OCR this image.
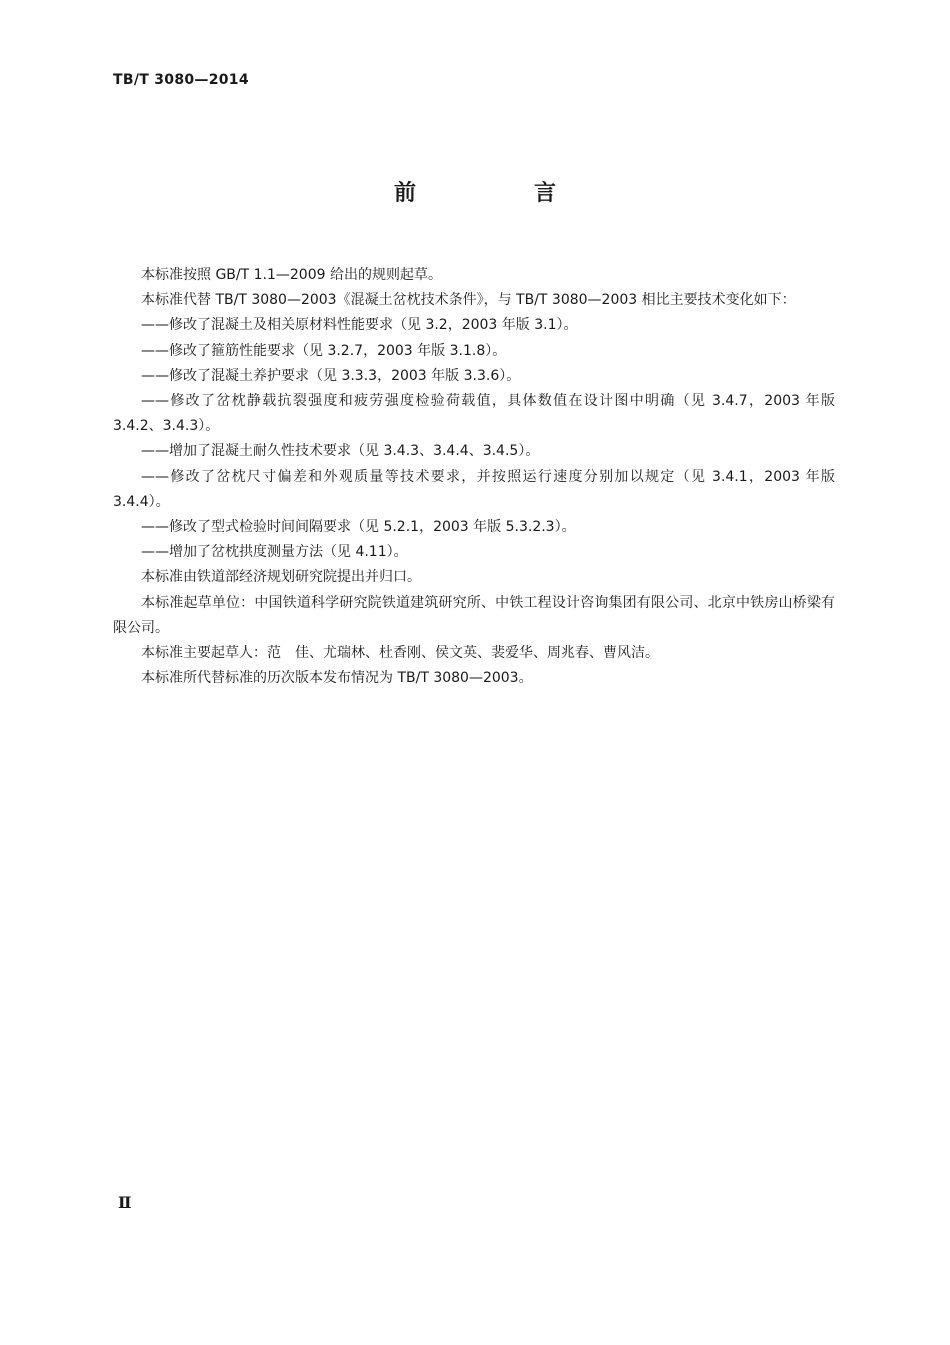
TB/T 3080—2014
前　言

本标准按照 GB/T 1.1—2009 给出的规则起草。

本标准代替 TB/T 3080—2003《混凝土岔枕技术条件》，与 TB/T 3080—2003 相比主要技术变化如下：

——修改了混凝土及相关原材料性能要求（见 3.2，2003 年版 3.1）。

——修改了箍筋性能要求（见 3.2.7，2003 年版 3.1.8）。

——修改了混凝土养护要求（见 3.3.3，2003 年版 3.3.6）。

——修改了岔枕静载抗裂强度和疲劳强度检验荷载值，具体数值在设计图中明确（见 3.4.7，2003 年版 3.4.2、3.4.3）。

——增加了混凝土耐久性技术要求（见 3.4.3、3.4.4、3.4.5）。

——修改了岔枕尺寸偏差和外观质量等技术要求，并按照运行速度分别加以规定（见 3.4.1，2003 年版 3.4.4）。

——修改了型式检验时间间隔要求（见 5.2.1，2003 年版 5.3.2.3）。

——增加了岔枕拱度测量方法（见 4.11）。

本标准由铁道部经济规划研究院提出并归口。

本标准起草单位：中国铁道科学研究院铁道建筑研究所、中铁工程设计咨询集团有限公司、北京中铁房山桥梁有限公司。

本标准主要起草人：范　佳、尤瑞林、杜香刚、侯文英、裴爱华、周兆春、曹风洁。

本标准所代替标准的历次版本发布情况为 TB/T 3080—2003。

Ⅱ
